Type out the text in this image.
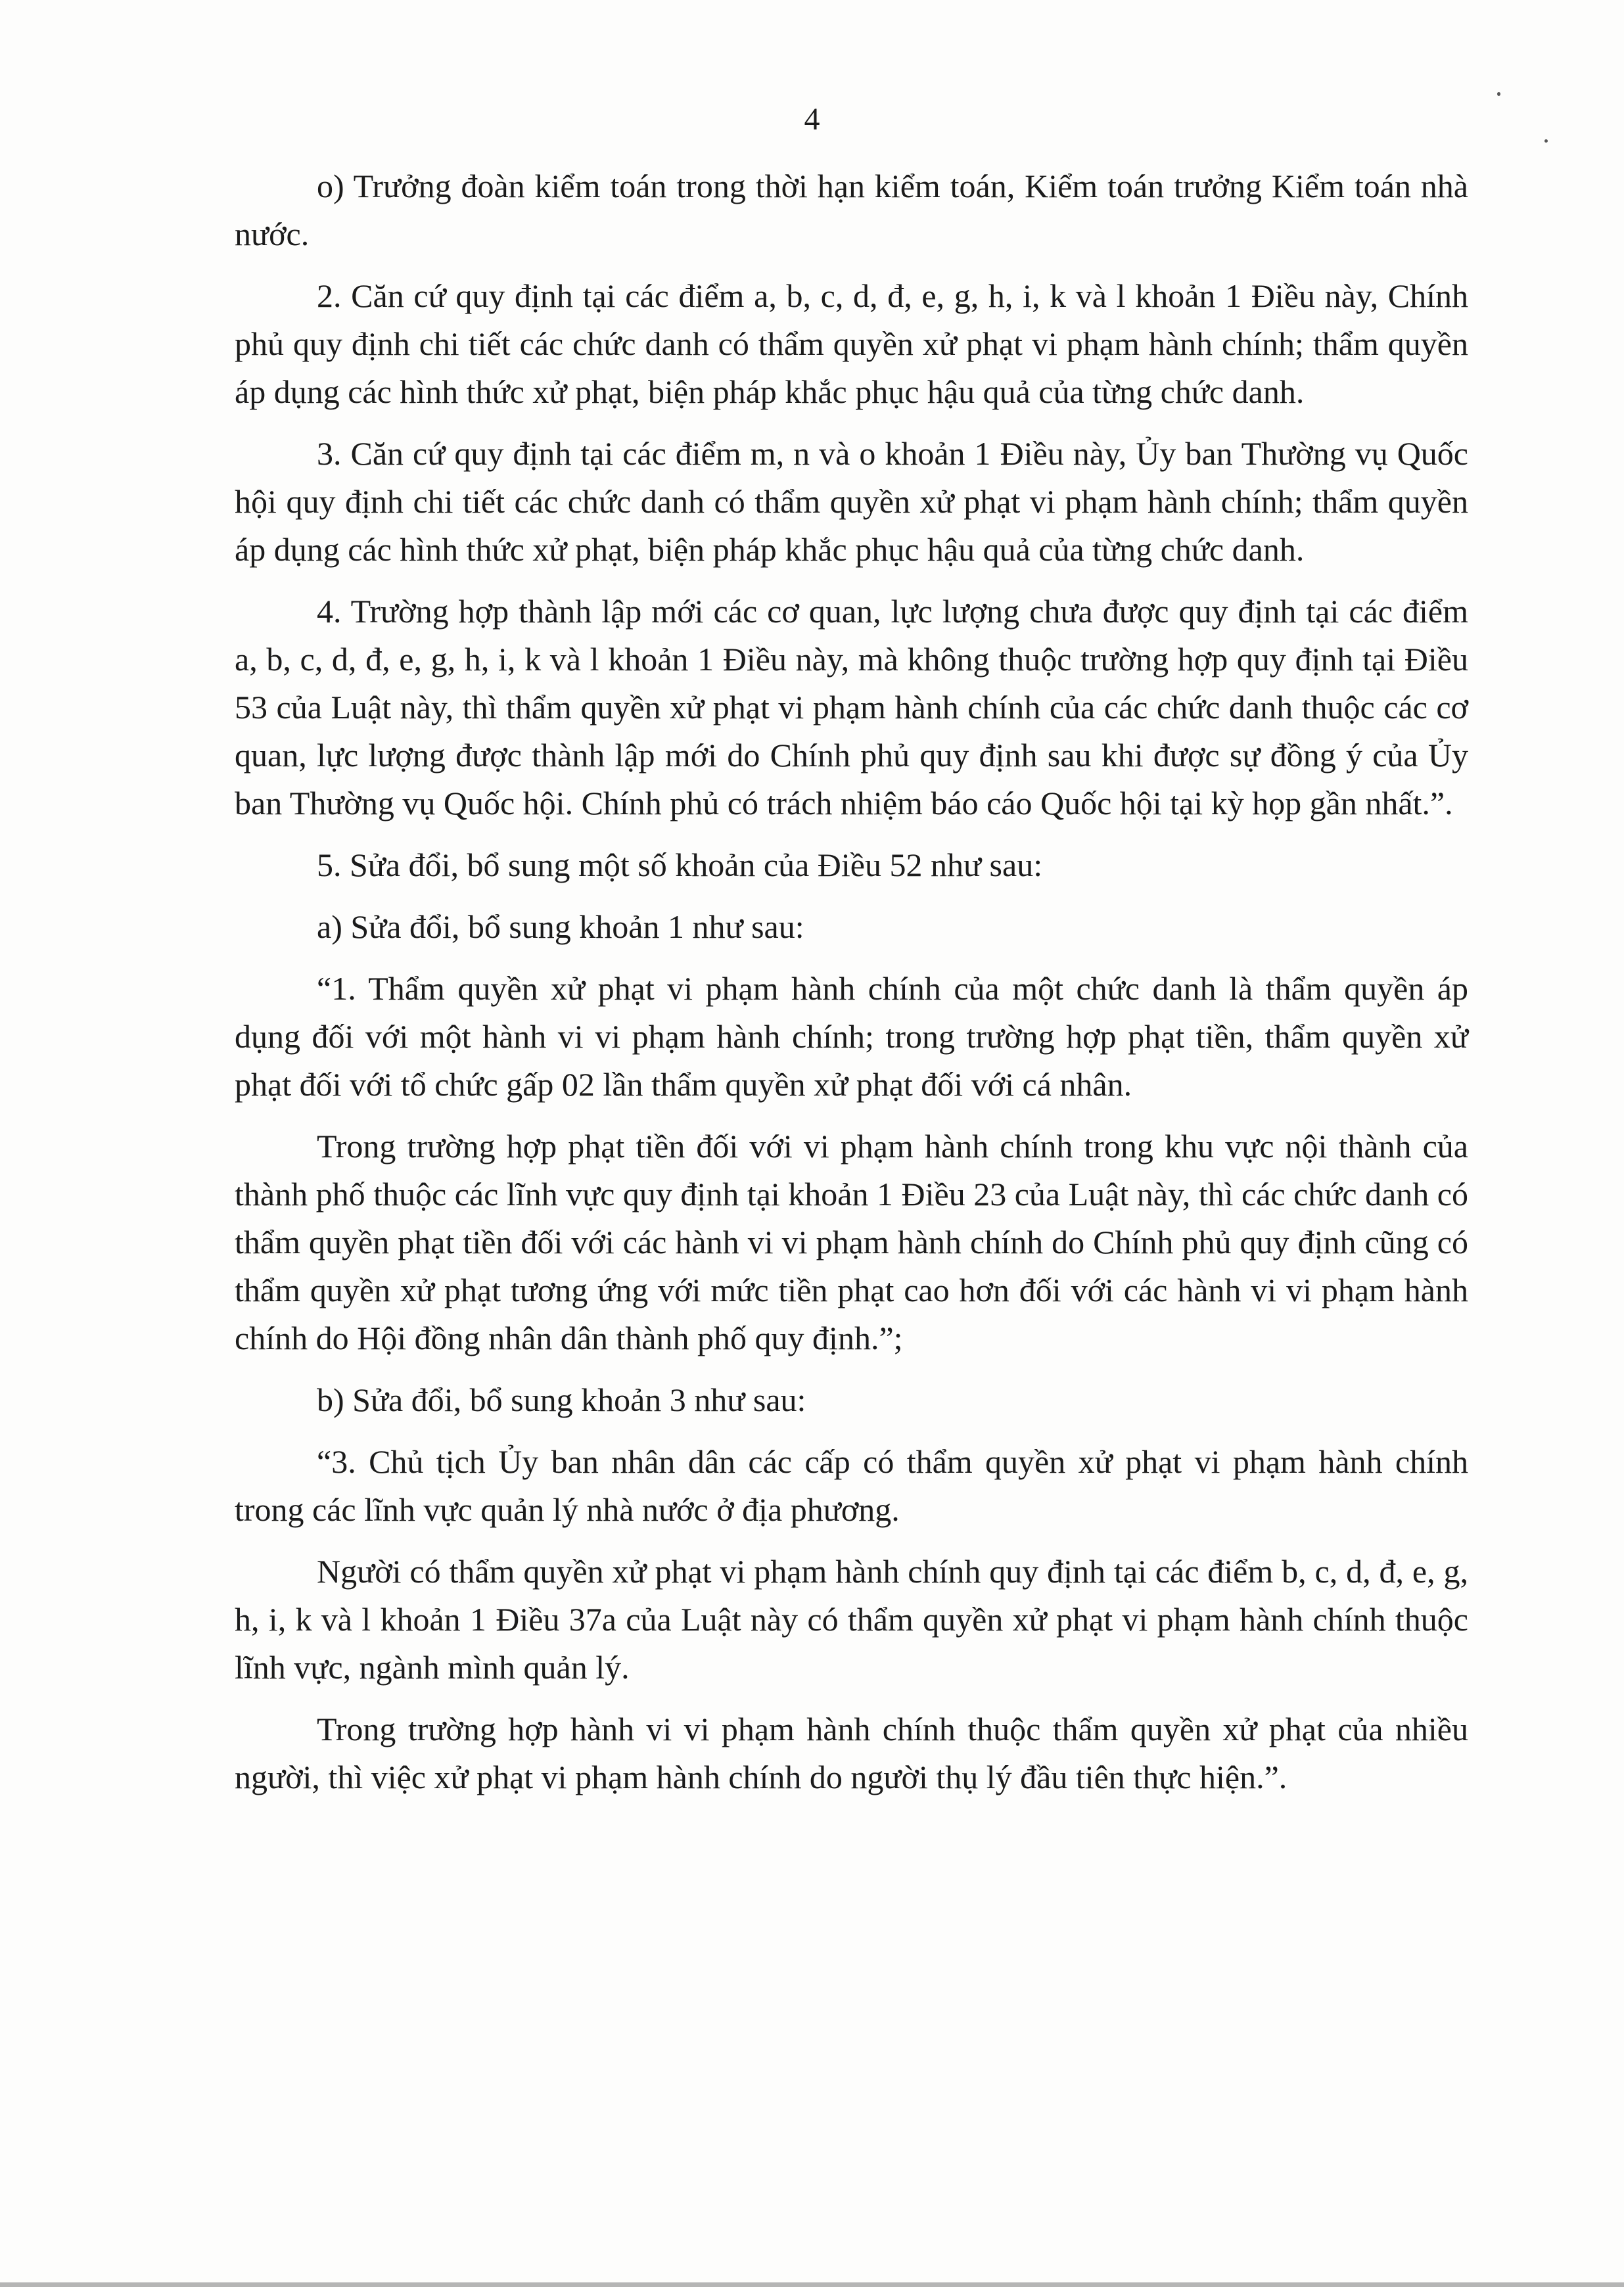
4

o) Trưởng đoàn kiểm toán trong thời hạn kiểm toán, Kiểm toán trưởng Kiểm toán nhà nước.

2. Căn cứ quy định tại các điểm a, b, c, d, đ, e, g, h, i, k và l khoản 1 Điều này, Chính phủ quy định chi tiết các chức danh có thẩm quyền xử phạt vi phạm hành chính; thẩm quyền áp dụng các hình thức xử phạt, biện pháp khắc phục hậu quả của từng chức danh.

3. Căn cứ quy định tại các điểm m, n và o khoản 1 Điều này, Ủy ban Thường vụ Quốc hội quy định chi tiết các chức danh có thẩm quyền xử phạt vi phạm hành chính; thẩm quyền áp dụng các hình thức xử phạt, biện pháp khắc phục hậu quả của từng chức danh.

4. Trường hợp thành lập mới các cơ quan, lực lượng chưa được quy định tại các điểm a, b, c, d, đ, e, g, h, i, k và l khoản 1 Điều này, mà không thuộc trường hợp quy định tại Điều 53 của Luật này, thì thẩm quyền xử phạt vi phạm hành chính của các chức danh thuộc các cơ quan, lực lượng được thành lập mới do Chính phủ quy định sau khi được sự đồng ý của Ủy ban Thường vụ Quốc hội. Chính phủ có trách nhiệm báo cáo Quốc hội tại kỳ họp gần nhất.”.

5. Sửa đổi, bổ sung một số khoản của Điều 52 như sau:

a) Sửa đổi, bổ sung khoản 1 như sau:

“1. Thẩm quyền xử phạt vi phạm hành chính của một chức danh là thẩm quyền áp dụng đối với một hành vi vi phạm hành chính; trong trường hợp phạt tiền, thẩm quyền xử phạt đối với tổ chức gấp 02 lần thẩm quyền xử phạt đối với cá nhân.

Trong trường hợp phạt tiền đối với vi phạm hành chính trong khu vực nội thành của thành phố thuộc các lĩnh vực quy định tại khoản 1 Điều 23 của Luật này, thì các chức danh có thẩm quyền phạt tiền đối với các hành vi vi phạm hành chính do Chính phủ quy định cũng có thẩm quyền xử phạt tương ứng với mức tiền phạt cao hơn đối với các hành vi vi phạm hành chính do Hội đồng nhân dân thành phố quy định.”;

b) Sửa đổi, bổ sung khoản 3 như sau:

“3. Chủ tịch Ủy ban nhân dân các cấp có thẩm quyền xử phạt vi phạm hành chính trong các lĩnh vực quản lý nhà nước ở địa phương.

Người có thẩm quyền xử phạt vi phạm hành chính quy định tại các điểm b, c, d, đ, e, g, h, i, k và l khoản 1 Điều 37a của Luật này có thẩm quyền xử phạt vi phạm hành chính thuộc lĩnh vực, ngành mình quản lý.

Trong trường hợp hành vi vi phạm hành chính thuộc thẩm quyền xử phạt của nhiều người, thì việc xử phạt vi phạm hành chính do người thụ lý đầu tiên thực hiện.”.
